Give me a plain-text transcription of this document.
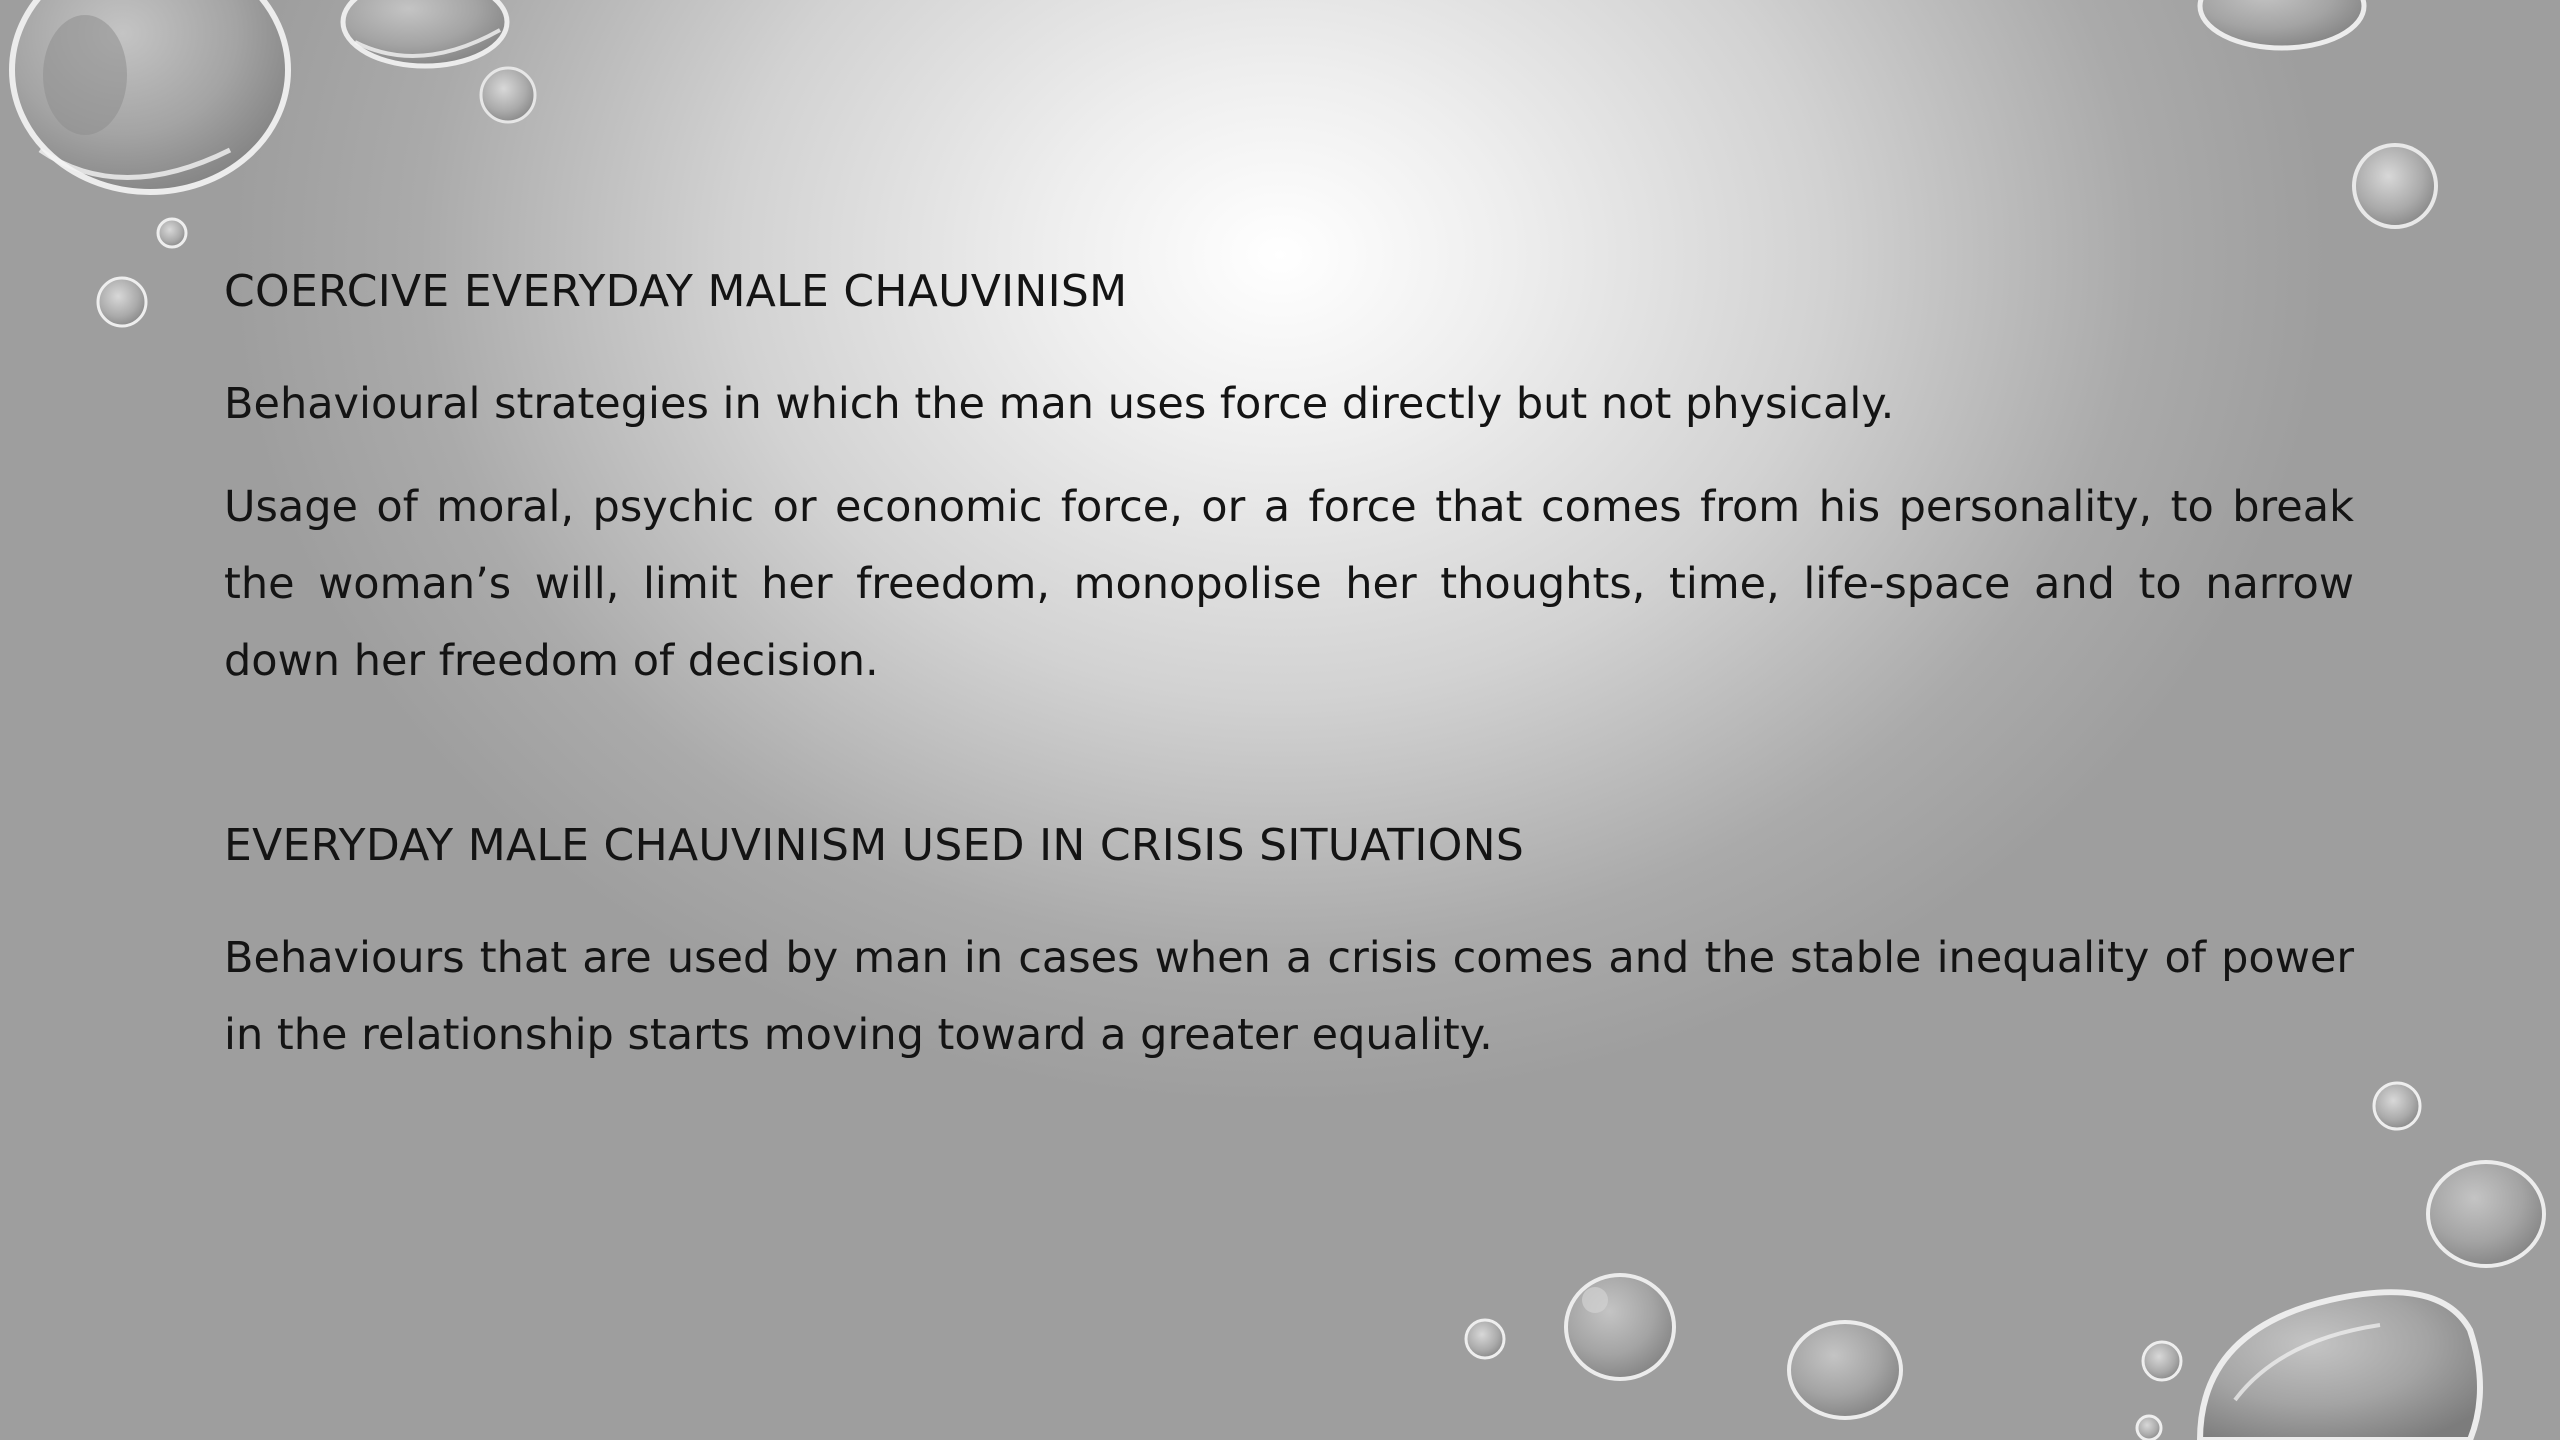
COERCIVE EVERYDAY MALE CHAUVINISM

Behavioural strategies in which the man uses force directly but not physicaly.

Usage of moral, psychic or economic force, or a force that comes from his personality, to break the woman’s will, limit her freedom, monopolise her thoughts, time, life-space and to narrow down her freedom of decision.

EVERYDAY MALE CHAUVINISM USED IN CRISIS SITUATIONS

Behaviours that are used by man in cases when a crisis comes and the stable inequality of power in the relationship starts moving toward a greater equality.
